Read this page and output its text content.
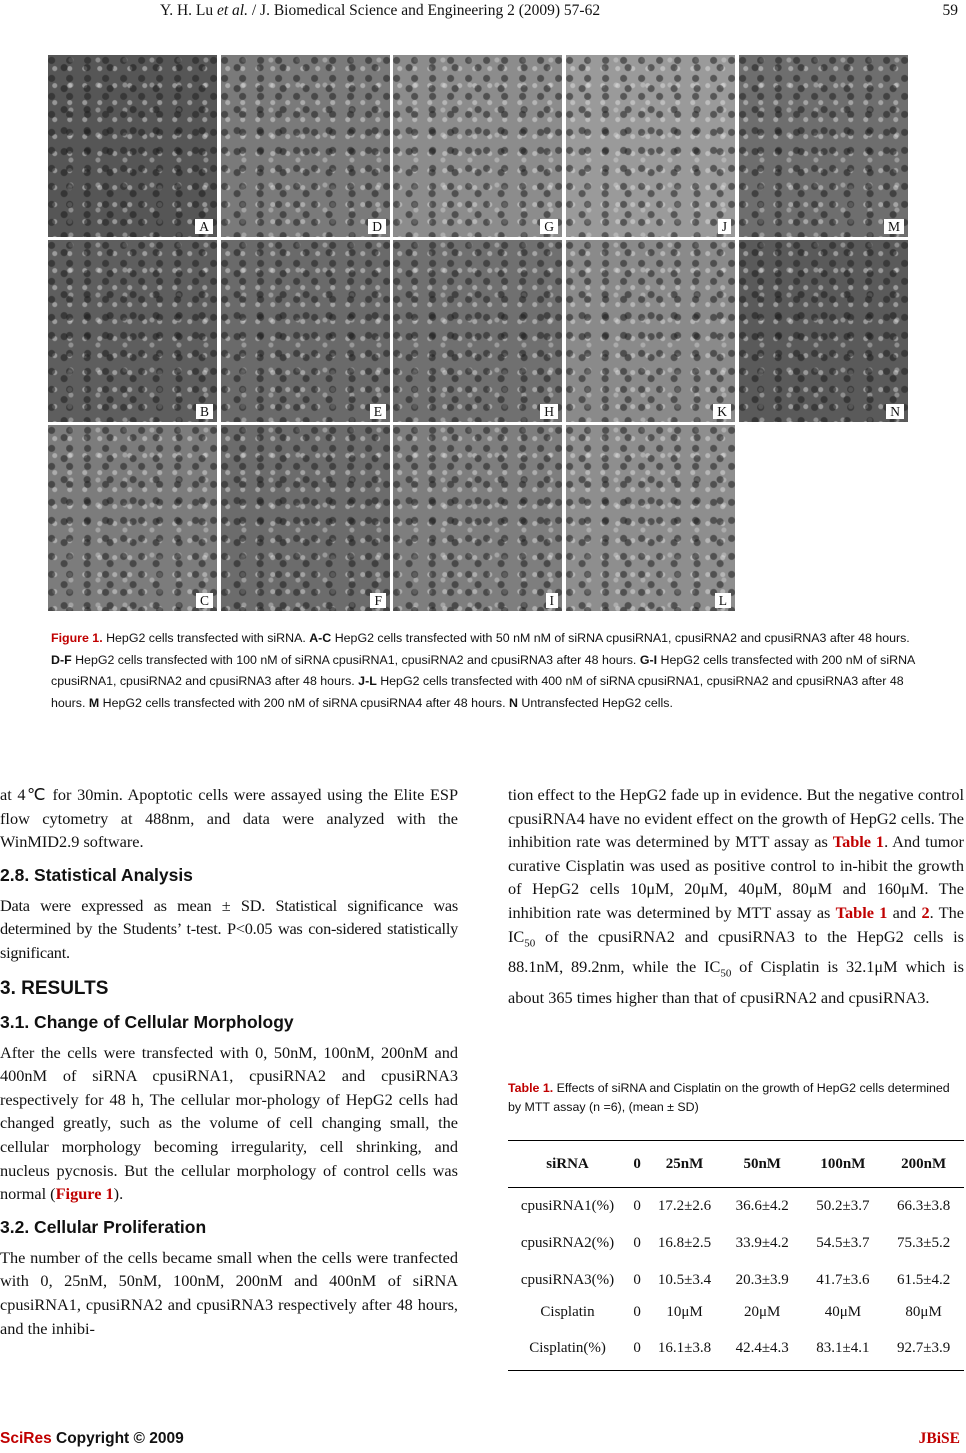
Y. H. Lu et al. / J. Biomedical Science and Engineering 2 (2009) 57-62	59
A	D	G	J	M
B	E	H	K	N
C	F	I	L
Figure 1. HepG2 cells transfected with siRNA. A-C HepG2 cells transfected with 50 nM nM of siRNA cpusiRNA1, cpusiRNA2 and cpusiRNA3 after 48 hours. D-F HepG2 cells transfected with 100 nM of siRNA cpusiRNA1, cpusiRNA2 and cpusiRNA3 after 48 hours. G-I HepG2 cells transfected with 200 nM of siRNA cpusiRNA1, cpusiRNA2 and cpusiRNA3 after 48 hours. J-L HepG2 cells transfected with 400 nM of siRNA cpusiRNA1, cpusiRNA2 and cpusiRNA3 after 48 hours. M HepG2 cells transfected with 200 nM of siRNA cpusiRNA4 after 48 hours. N Untransfected HepG2 cells.

at 4℃ for 30min. Apoptotic cells were assayed using the Elite ESP flow cytometry at 488nm, and data were analyzed with the WinMID2.9 software.

2.8. Statistical Analysis

Data were expressed as mean ± SD. Statistical significance was determined by the Students’ t-test. P<0.05 was con-sidered statistically significant.

3. RESULTS
3.1. Change of Cellular Morphology

After the cells were transfected with 0, 50nM, 100nM, 200nM and 400nM of siRNA cpusiRNA1, cpusiRNA2 and cpusiRNA3 respectively for 48 h, The cellular mor-phology of HepG2 cells had changed greatly, such as the volume of cell changing small, the cellular morphology becoming irregularity, cell shrinking, and nucleus pycnosis. But the cellular morphology of control cells was normal (Figure 1).

3.2. Cellular Proliferation

The number of the cells became small when the cells were tranfected with 0, 25nM, 50nM, 100nM, 200nM and 400nM of siRNA cpusiRNA1, cpusiRNA2 and cpusiRNA3 respectively after 48 hours, and the inhibi-

tion effect to the HepG2 fade up in evidence. But the negative control cpusiRNA4 have no evident effect on the growth of HepG2 cells. The inhibition rate was determined by MTT assay as Table 1. And tumor curative Cisplatin was used as positive control to in-hibit the growth of HepG2 cells 10μM, 20μM, 40μM, 80μM and 160μM. The inhibition rate was determined by MTT assay as Table 1 and 2. The $IC_{50}$ of the cpusiRNA2 and cpusiRNA3 to the HepG2 cells is 88.1nM, 89.2nm, while the $IC_{50}$ of Cisplatin is 32.1μM which is about 365 times higher than that of cpusiRNA2 and cpusiRNA3.

Table 1. Effects of siRNA and Cisplatin on the growth of HepG2 cells determined by MTT assay (n =6), (mean ± SD)
siRNA	0	25nM	50nM	100nM	200nM
cpusiRNA1(%)	0	17.2±2.6	36.6±4.2	50.2±3.7	66.3±3.8
cpusiRNA2(%)	0	16.8±2.5	33.9±4.2	54.5±3.7	75.3±5.2
cpusiRNA3(%)	0	10.5±3.4	20.3±3.9	41.7±3.6	61.5±4.2
Cisplatin	0	10μM	20μM	40μM	80μM
Cisplatin(%)	0	16.1±3.8	42.4±4.3	83.1±4.1	92.7±3.9
SciRes Copyright © 2009	JBiSE
